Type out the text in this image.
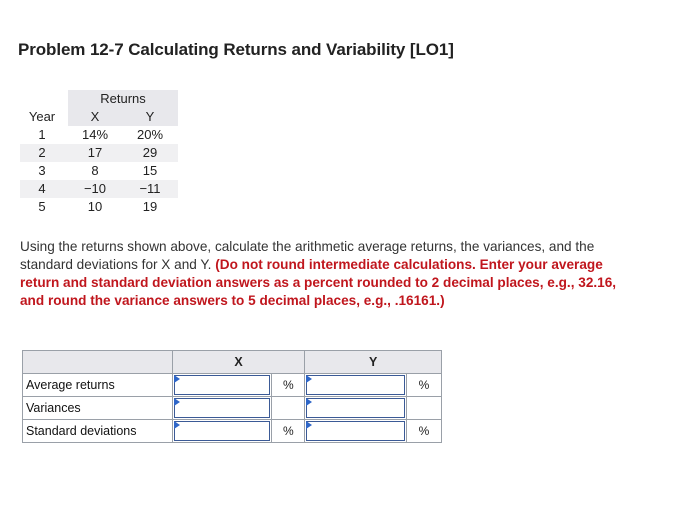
Problem 12-7 Calculating Returns and Variability [LO1]
Returns
Year	X	Y
1	14%	20%
2	17	29
3	8	15
4	−10	−11
5	10	19
Using the returns shown above, calculate the arithmetic average returns, the variances, and the standard deviations for X and Y. (Do not round intermediate calculations. Enter your average return and standard deviation answers as a percent rounded to 2 decimal places, e.g., 32.16, and round the variance answers to 5 decimal places, e.g., .16161.)
	X		Y	
Average returns		%		%
Variances	

Standard deviations		%		%
